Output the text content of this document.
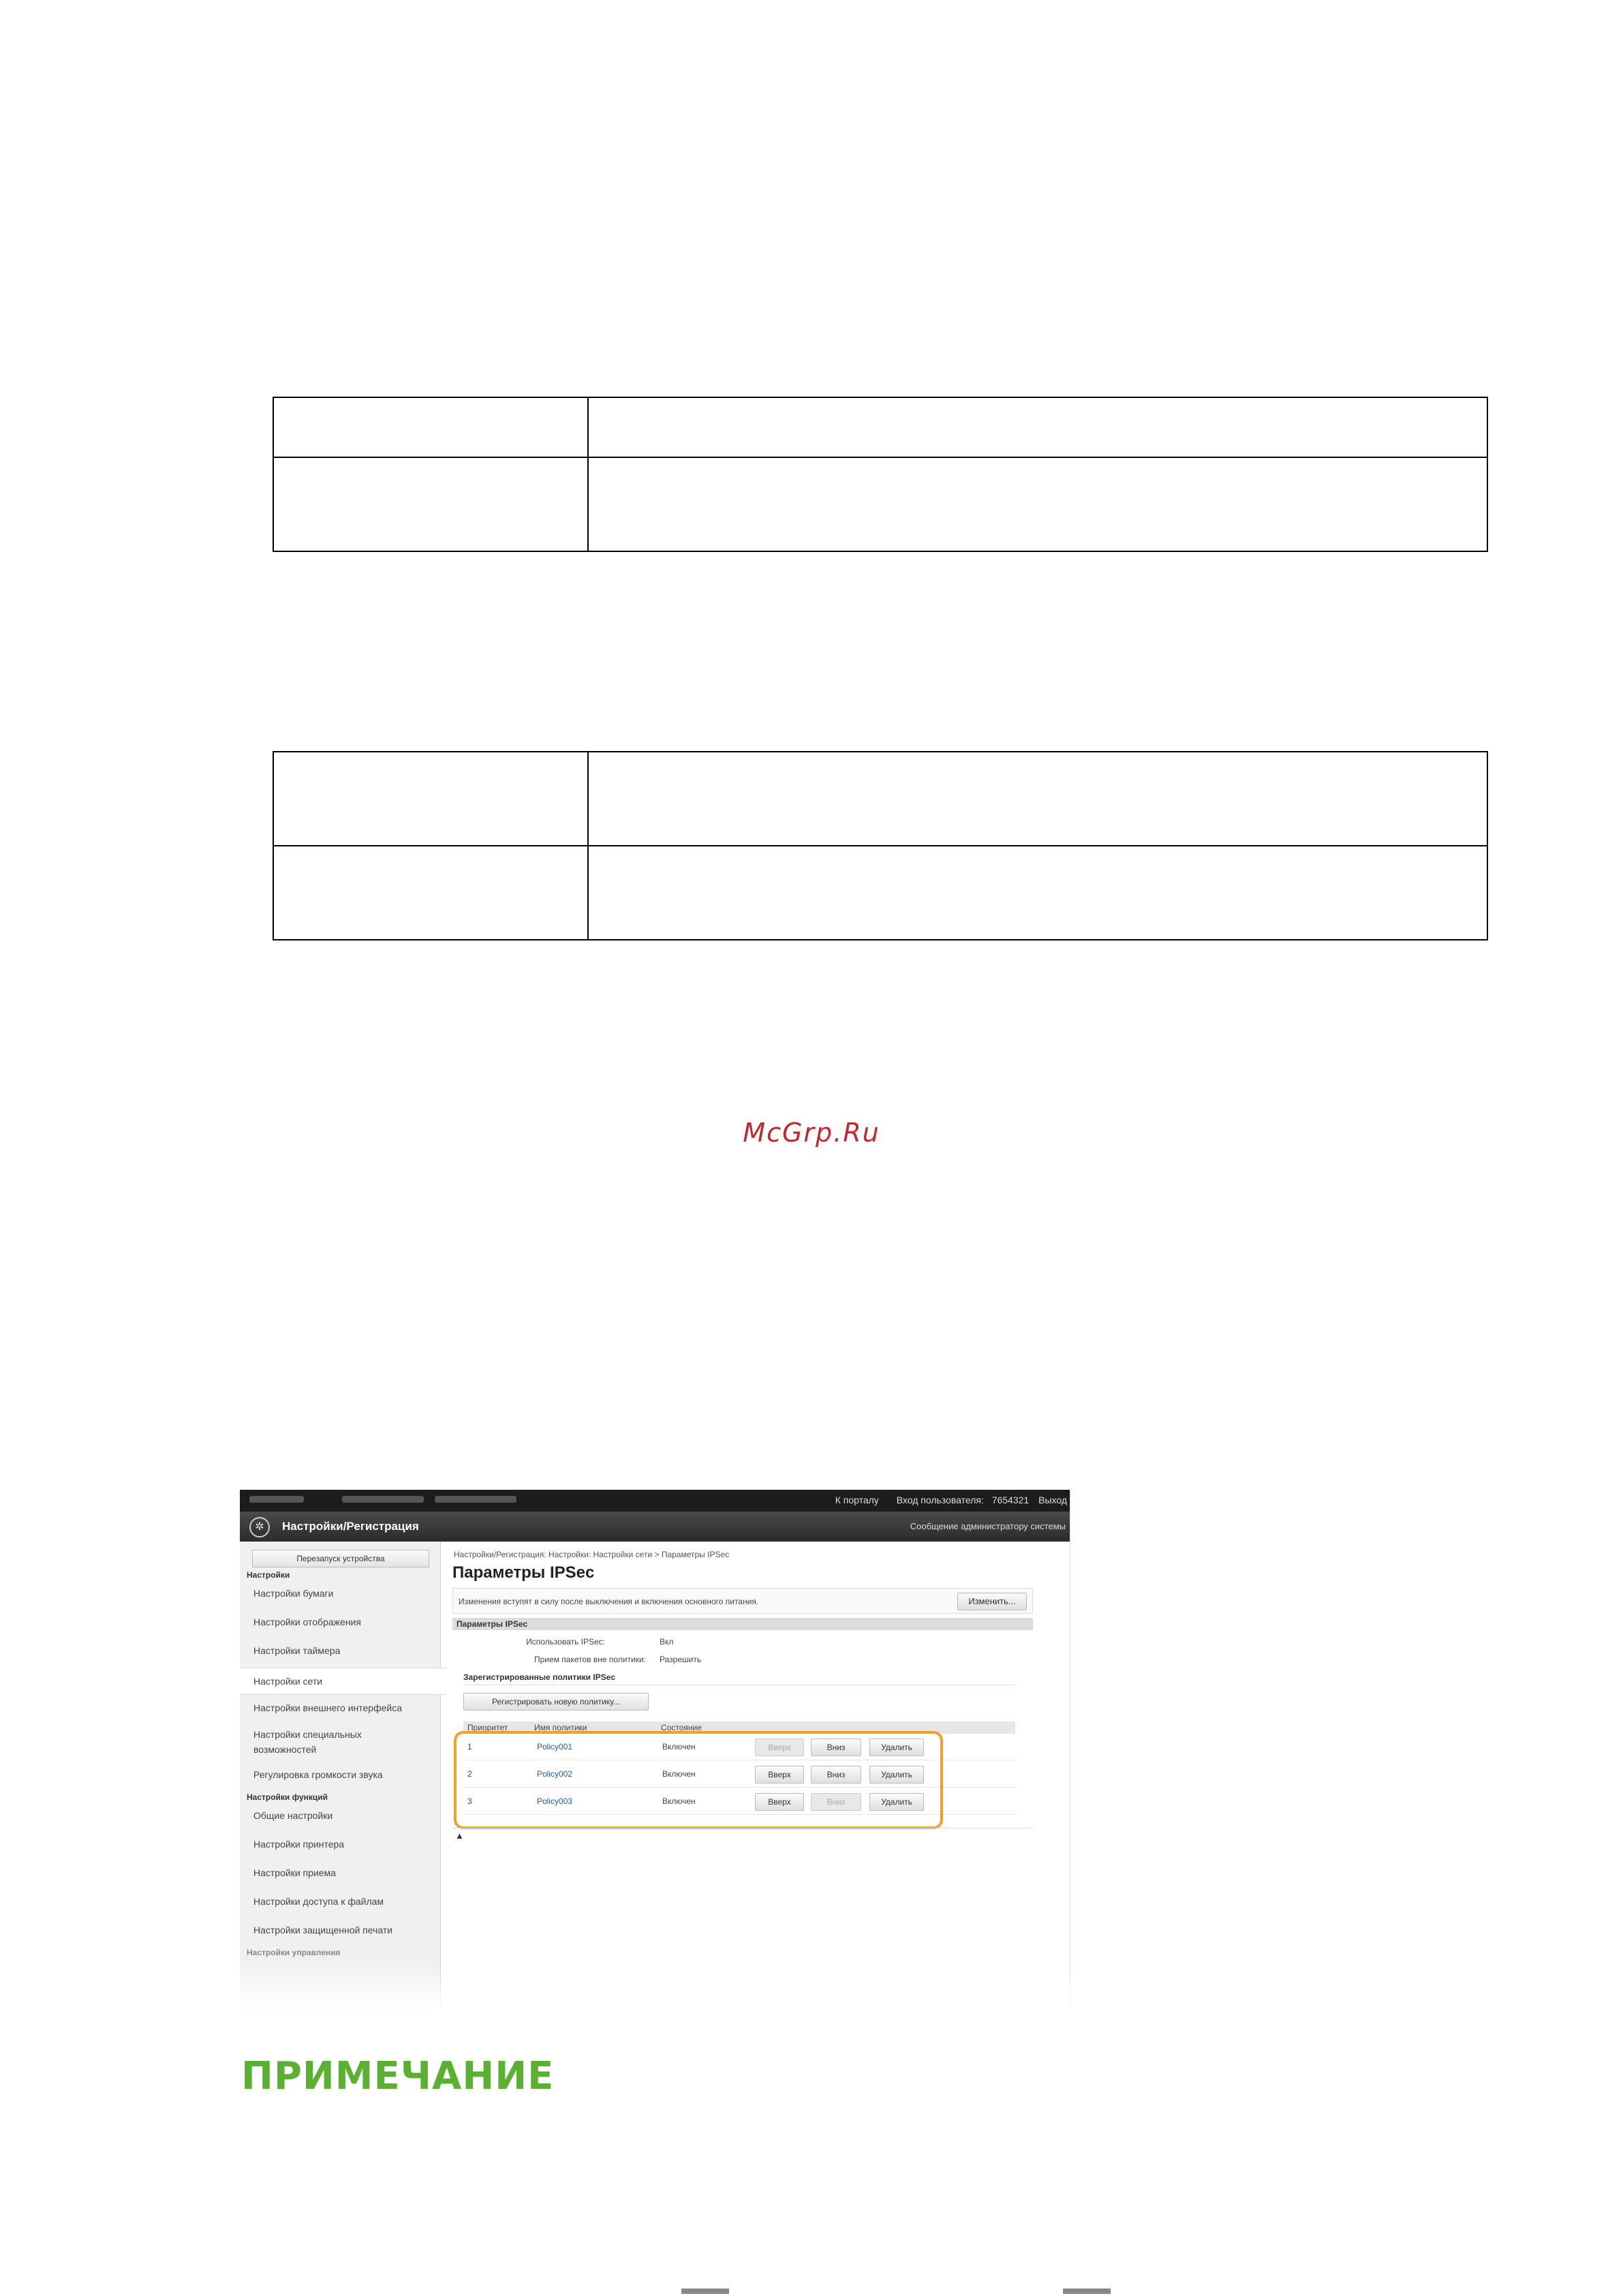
McGrp.Ru
К порталу Вход пользователя: 7654321 Выход
✲	Настройки/Регистрация	Сообщение администратору системы
Перезапуск устройства
Настройки
Настройки бумаги
Настройки отображения
Настройки таймера
Настройки сети
Настройки внешнего интерфейса
Настройки специальных возможностей
Регулировка громкости звука
Настройки функций
Общие настройки
Настройки принтера
Настройки приема
Настройки доступа к файлам
Настройки защищенной печати
Настройки управления
Настройки/Регистрация: Настройки: Настройки сети > Параметры IPSec
Параметры IPSec
Изменения вступят в силу после выключения и включения основного питания.	Изменить...
Параметры IPSec
Использовать IPSec:	Вкл
Прием пакетов вне политики: Разрешить
Зарегистрированные политики IPSec
Регистрировать новую политику...
Приоритет	Имя политики	Состояние
1	Policy001	Включен	Вверх	Вниз	Удалить
2	Policy002	Включен	Вверх	Вниз	Удалить
3	Policy003	Включен	Вверх	Вниз	Удалить
▲
ПРИМЕЧАНИЕ
